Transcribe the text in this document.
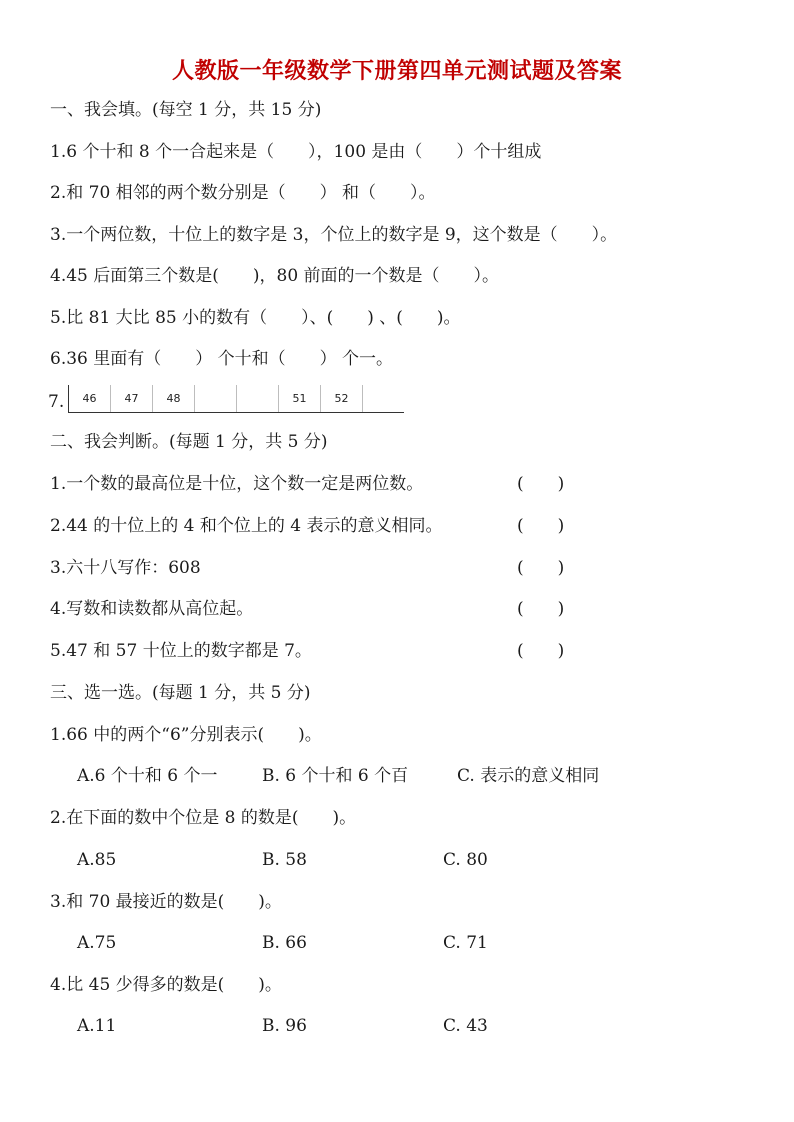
人教版一年级数学下册第四单元测试题及答案
一、我会填。(每空 1 分，共 15 分)
1.6 个十和 8 个一合起来是（　　），100 是由（　　）个十组成
2.和 70 相邻的两个数分别是（　　） 和（　　）。
3.一个两位数，十位上的数字是 3，个位上的数字是 9，这个数是（　　）。
4.45 后面第三个数是(　　)，80 前面的一个数是（　　）。
5.比 81 大比 85 小的数有（　　）、(　　) 、(　　)。
6.36 里面有（　　） 个十和（　　） 个一。
7.	46	47	48	51	52
二、我会判断。(每题 1 分，共 5 分)
1.一个数的最高位是十位，这个数一定是两位数。	(　　)
2.44 的十位上的 4 和个位上的 4 表示的意义相同。	(　　)
3.六十八写作：608	(　　)
4.写数和读数都从高位起。	(　　)
5.47 和 57 十位上的数字都是 7。	(　　)
三、选一选。(每题 1 分，共 5 分)
1.66 中的两个“6”分别表示(　　)。
A.6 个十和 6 个一	B. 6 个十和 6 个百	C. 表示的意义相同
2.在下面的数中个位是 8 的数是(　　)。
A.85	B. 58	C. 80
3.和 70 最接近的数是(　　)。
A.75	B. 66	C. 71
4.比 45 少得多的数是(　　)。
A.11	B. 96	C. 43
